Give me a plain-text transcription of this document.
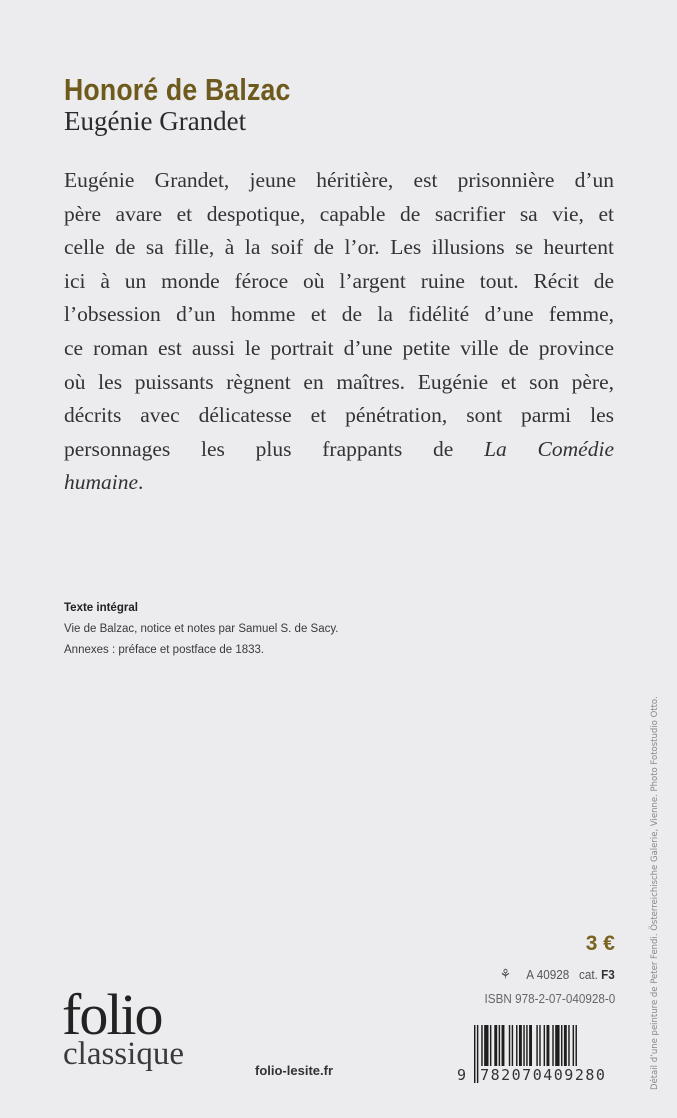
Honoré de Balzac
Eugénie Grandet
Eugénie Grandet, jeune héritière, est prisonnière d’un
père avare et despotique, capable de sacrifier sa vie, et
celle de sa fille, à la soif de l’or. Les illusions se heurtent
ici à un monde féroce où l’argent ruine tout. Récit de
l’obsession d’un homme et de la fidélité d’une femme,
ce roman est aussi le portrait d’une petite ville de province
où les puissants règnent en maîtres. Eugénie et son père,
décrits avec délicatesse et pénétration, sont parmi les
personnages les plus frappants de La Comédie
humaine.
Texte intégral
Vie de Balzac, notice et notes par Samuel S. de Sacy.
Annexes : préface et postface de 1833.
3 €
⚘ A 40928 cat. F3
ISBN 978-2-07-040928-0
9 782070409280
folio
classique	folio-lesite.fr	Détail d’une peinture de Peter Fendi. Österreichische Galerie, Vienne. Photo Fotostudio Otto.
